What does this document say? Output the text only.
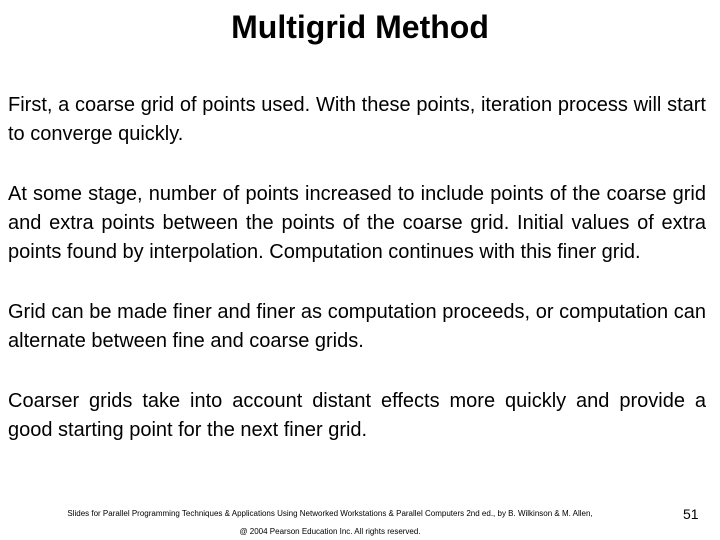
Multigrid Method

First, a coarse grid of points used. With these points, iteration process will start to converge quickly.

At some stage, number of points increased to include points of the coarse grid and extra points between the points of the coarse grid. Initial values of extra points found by interpolation. Computation continues with this finer grid.

Grid can be made finer and finer as computation proceeds, or computation can alternate between fine and coarse grids.

Coarser grids take into account distant effects more quickly and provide a good starting point for the next finer grid.

Slides for Parallel Programming Techniques & Applications Using Networked Workstations & Parallel Computers 2nd ed., by B. Wilkinson & M. Allen,
@ 2004 Pearson Education Inc. All rights reserved.
51
